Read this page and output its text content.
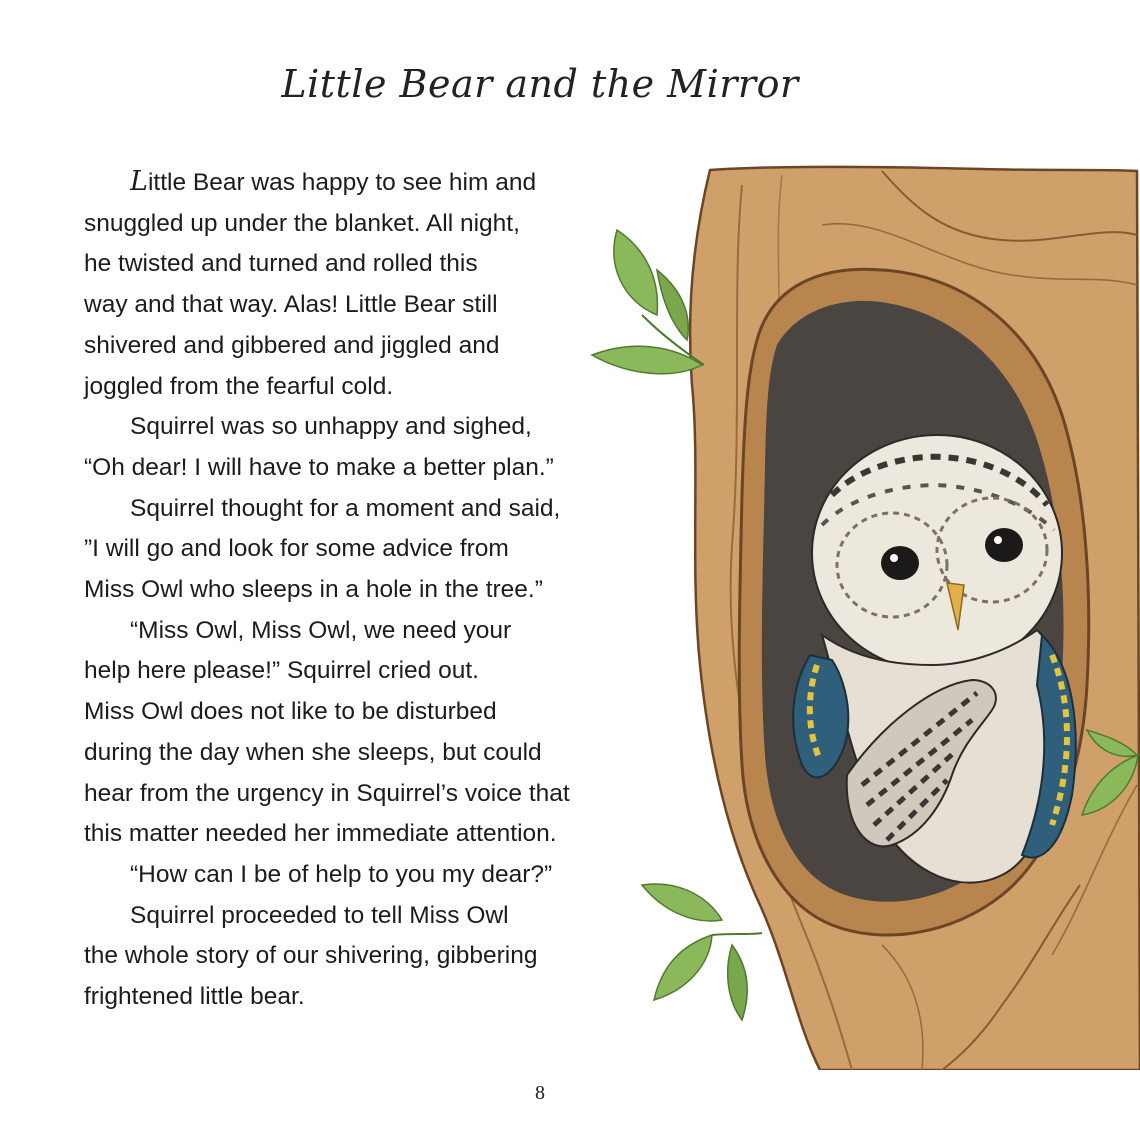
Little Bear and the Mirror
Little Bear was happy to see him and
snuggled up under the blanket. All night,
he twisted and turned and rolled this
way and that way. Alas! Little Bear still
shivered and gibbered and jiggled and
joggled from the fearful cold.
Squirrel was so unhappy and sighed,
“Oh dear! I will have to make a better plan.”
Squirrel thought for a moment and said,
”I will go and look for some advice from
Miss Owl who sleeps in a hole in the tree.”
“Miss Owl, Miss Owl, we need your
help here please!” Squirrel cried out.
Miss Owl does not like to be disturbed
during the day when she sleeps, but could
hear from the urgency in Squirrel’s voice that
this matter needed her immediate attention.
“How can I be of help to you my dear?”
Squirrel proceeded to tell Miss Owl
the whole story of our shivering, gibbering
frightened little bear.
8
